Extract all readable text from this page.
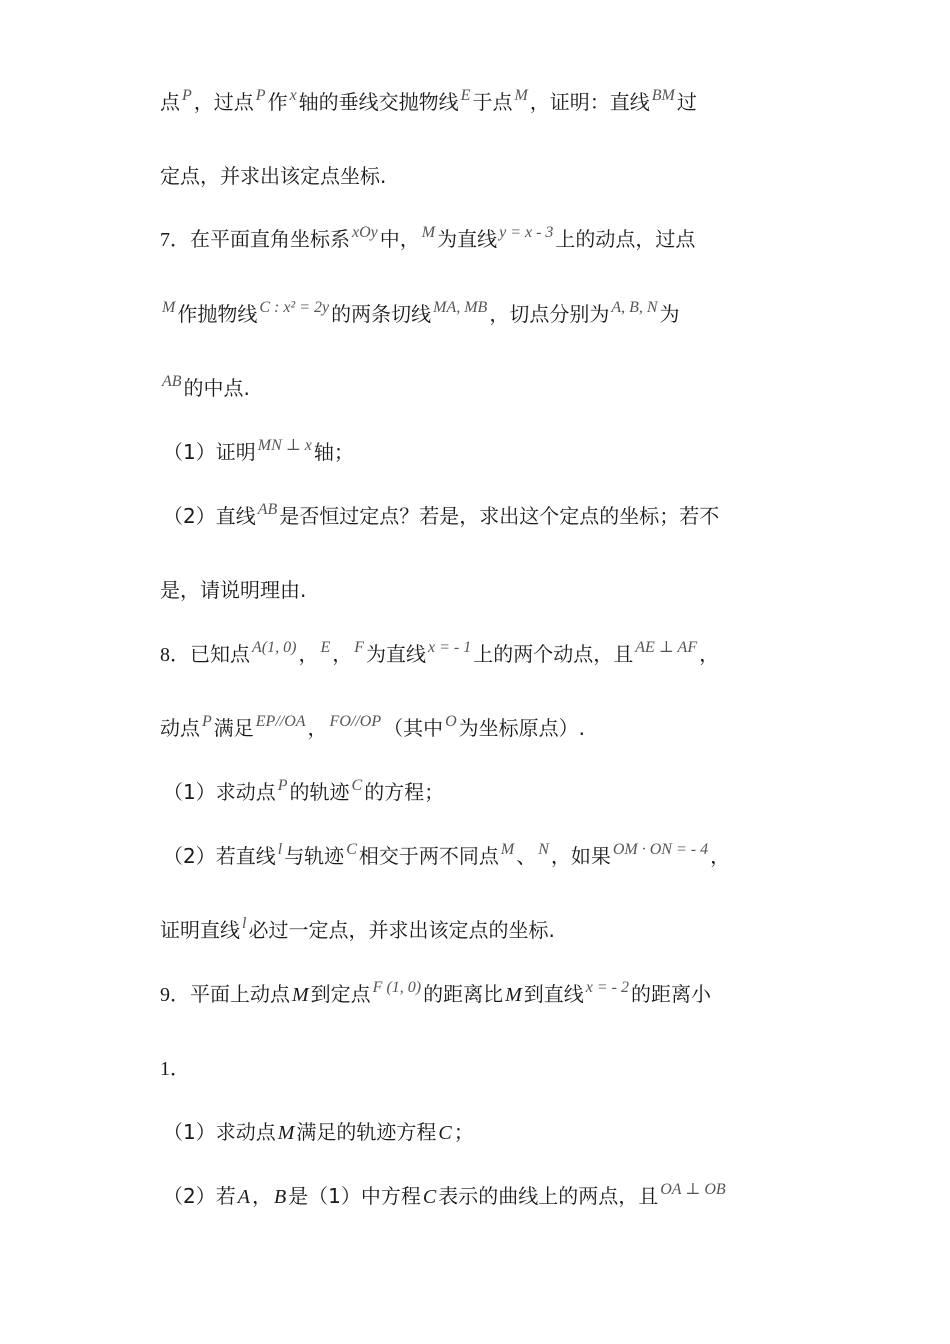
点 $^P$ ，过点 $^P$ 作 $^x$ 轴的垂线交抛物线 $^E$ 于点 $^M$ ，证明：直线 $^{BM}$ 过
定点，并求出该定点坐标.
7．在平面直角坐标系 $^{xOy}$ 中， $^M$ 为直线 $^{y = x - 3}$ 上的动点，过点
$^M$ 作抛物线 $^{C : x^2 = 2y}$ 的两条切线 $^{MA, MB}$ ，切点分别为 $^{A, B, N}$ 为
$^{AB}$ 的中点.
（1）证明 $^{MN \perp x}$ 轴；
（2）直线 $^{AB}$ 是否恒过定点？若是，求出这个定点的坐标；若不
是，请说明理由.
8．已知点 $^{A(1, 0)}$ ， $^E$ ， $^F$ 为直线 $^{x = - 1}$ 上的两个动点，且 $^{AE \perp AF}$ ，
动点 $^P$ 满足 $^{EP//OA}$ ， $^{FO//OP}$ （其中 $^O$ 为坐标原点）.
（1）求动点 $^P$ 的轨迹 $^C$ 的方程；
（2）若直线 $^l$ 与轨迹 $^C$ 相交于两不同点 $^M$ 、 $^N$ ，如果 $^{OM \cdot ON = - 4}$ ，
证明直线 $^l$ 必过一定点，并求出该定点的坐标.
9．平面上动点 M 到定点 $^{F (1, 0)}$ 的距离比 M 到直线 $^{x = - 2}$ 的距离小
1．
（1）求动点 M 满足的轨迹方程 C ；
（2）若 A ， B 是（1）中方程 C 表示的曲线上的两点，且 $^{OA \perp OB}$
